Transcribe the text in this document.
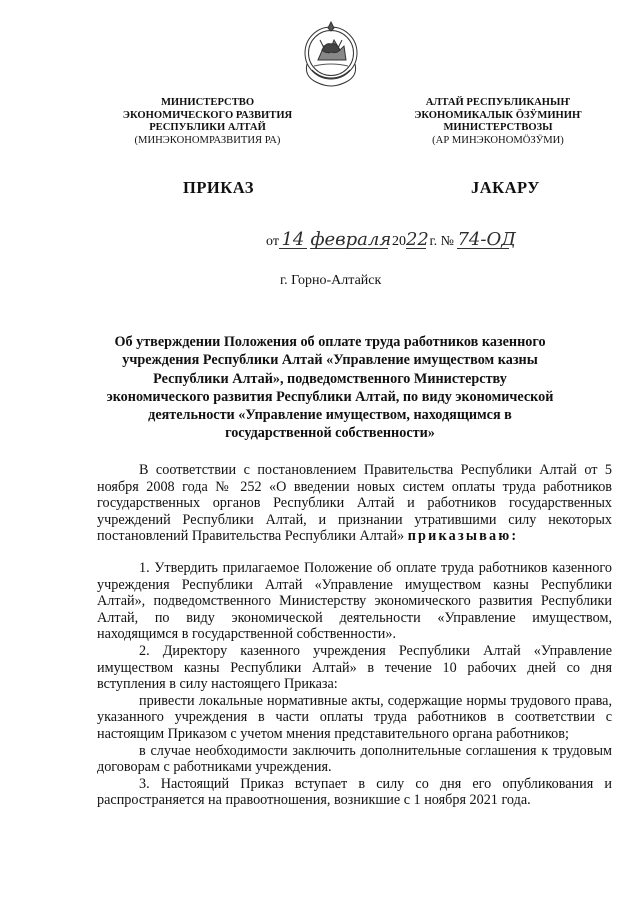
МИНИСТЕРСТВО
ЭКОНОМИЧЕСКОГО РАЗВИТИЯ
РЕСПУБЛИКИ АЛТАЙ
(МИНЭКОНОМРАЗВИТИЯ РА)
АЛТАЙ РЕСПУБЛИКАНЫҤ
ЭКОНОМИКАЛЫК ӦЗӰМИНИҤ
МИНИСТЕРСТВОЗЫ
(АР МИНЭКОНОМӦЗӰМИ)
ПРИКАЗ	ЈАКАРУ
от 14 февраля 2022 г. № 74-ОД
г. Горно-Алтайск
Об утверждении Положения об оплате труда работников казенного учреждения Республики Алтай «Управление имуществом казны Республики Алтай», подведомственного Министерству экономического развития Республики Алтай, по виду экономической деятельности «Управление имуществом, находящимся в государственной собственности»

В соответствии с постановлением Правительства Республики Алтай от 5 ноября 2008 года № 252 «О введении новых систем оплаты труда работников государственных органов Республики Алтай и работников государственных учреждений Республики Алтай, и признании утратившими силу некоторых постановлений Правительства Республики Алтай» приказываю:

1. Утвердить прилагаемое Положение об оплате труда работников казенного учреждения Республики Алтай «Управление имуществом казны Республики Алтай», подведомственного Министерству экономического развития Республики Алтай, по виду экономической деятельности «Управление имуществом, находящимся в государственной собственности».

2. Директору казенного учреждения Республики Алтай «Управление имуществом казны Республики Алтай» в течение 10 рабочих дней со дня вступления в силу настоящего Приказа:

привести локальные нормативные акты, содержащие нормы трудового права, указанного учреждения в части оплаты труда работников в соответствии с настоящим Приказом с учетом мнения представительного органа работников;

в случае необходимости заключить дополнительные соглашения к трудовым договорам с работниками учреждения.

3. Настоящий Приказ вступает в силу со дня его опубликования и распространяется на правоотношения, возникшие с 1 ноября 2021 года.
